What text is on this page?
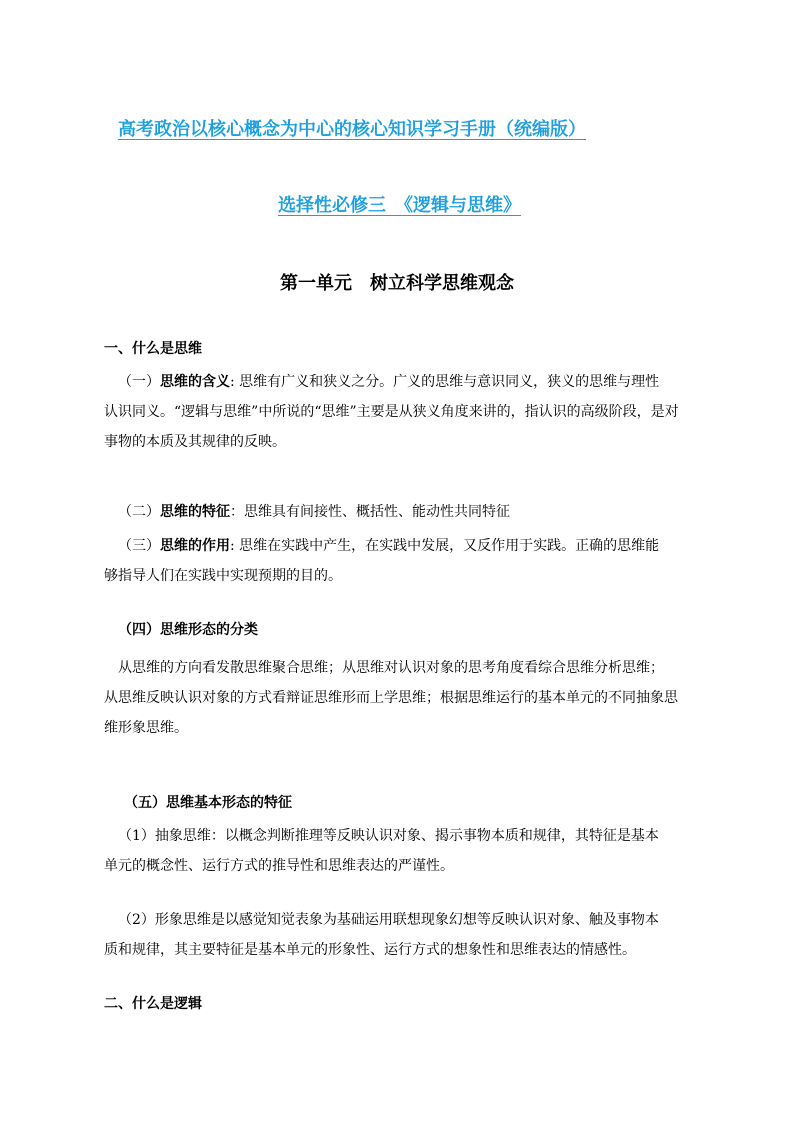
高考政治以核心概念为中心的核心知识学习手册（统编版）
选择性必修三　《逻辑与思维》
第一单元　树立科学思维观念
一、什么是思维
（一）思维的含义: 思维有广义和狭义之分。广义的思维与意识同义，狭义的思维与理性
认识同义。“逻辑与思维”中所说的“思维”主要是从狭义角度来讲的，指认识的高级阶段，是对
事物的本质及其规律的反映。
（二）思维的特征：思维具有间接性、概括性、能动性共同特征
（三）思维的作用: 思维在实践中产生，在实践中发展，又反作用于实践。正确的思维能
够指导人们在实践中实现预期的目的。
（四）思维形态的分类
从思维的方向看发散思维聚合思维；从思维对认识对象的思考角度看综合思维分析思维；
从思维反映认识对象的方式看辩证思维形而上学思维；根据思维运行的基本单元的不同抽象思
维形象思维。
（五）思维基本形态的特征
（1）抽象思维：以概念判断推理等反映认识对象、揭示事物本质和规律，其特征是基本
单元的概念性、运行方式的推导性和思维表达的严谨性。
（2）形象思维是以感觉知觉表象为基础运用联想现象幻想等反映认识对象、触及事物本
质和规律，其主要特征是基本单元的形象性、运行方式的想象性和思维表达的情感性。
二、什么是逻辑
